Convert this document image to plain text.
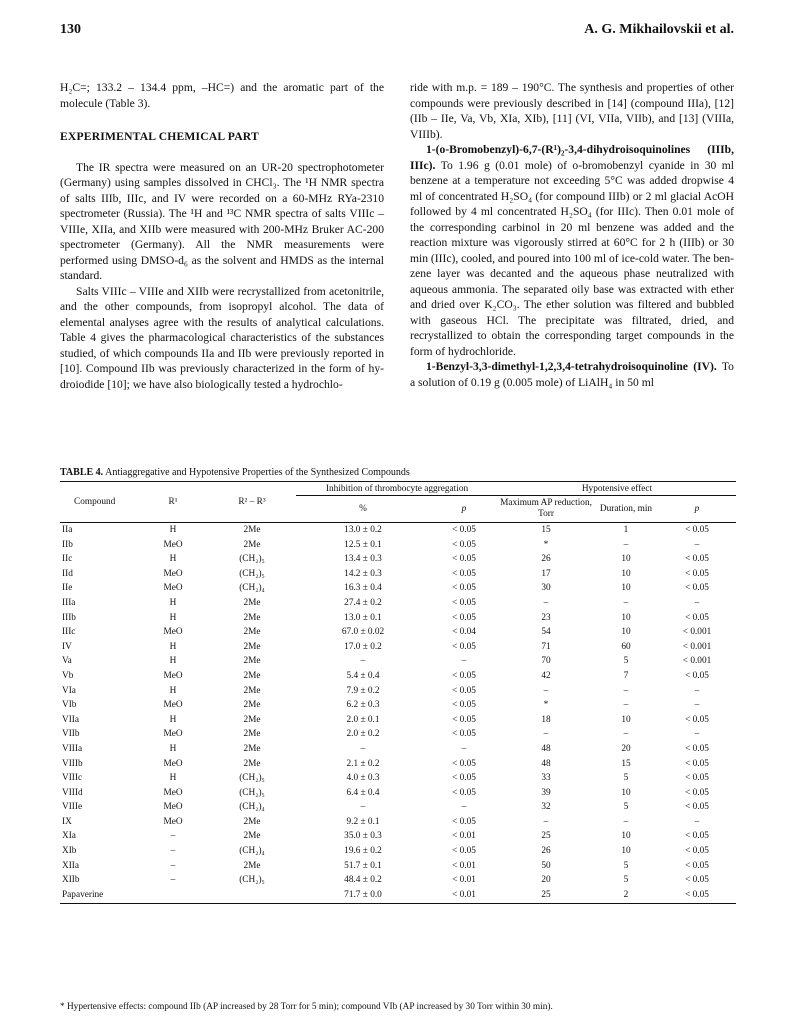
130	A. G. Mikhailovskii et al.

H₂C=; 133.2 – 134.4 ppm, –HC=) and the aromatic part of the molecule (Table 3).

EXPERIMENTAL CHEMICAL PART

The IR spectra were measured on an UR-20 spectrophotometer (Germany) using samples dissolved in CHCl₃. The ¹H NMR spectra of salts IIIb, IIIc, and IV were recorded on a 60-MHz RYa-2310 spectrometer (Russia). The ¹H and ¹³C NMR spectra of salts VIIIc – VIIIe, XIIa, and XIIb were measured with 200-MHz Bruker AC-200 spectrometer (Germany). All the NMR measurements were performed using DMSO-d₆ as the solvent and HMDS as the internal standard.

Salts VIIIc – VIIIe and XIIb were recrystallized from acetonitrile, and the other compounds, from isopropyl alcohol. The data of elemental analyses agree with the results of analytical calculations. Table 4 gives the pharmacological characteristics of the substances studied, of which compounds IIa and IIb were previously reported in [10]. Compound IIb was previously characterized in the form of hydroiodide [10]; we have also biologically tested a hydrochlo-

ride with m.p. = 189 – 190°C. The synthesis and properties of other compounds were previously described in [14] (compound IIIa), [12] (IIb – IIe, Va, Vb, XIa, XIb), [11] (VI, VIIa, VIIb), and [13] (VIIIa, VIIIb).

1-(o-Bromobenzyl)-6,7-(R¹)₂-3,4-dihydroisoquinolines (IIIb, IIIc). To 1.96 g (0.01 mole) of o-bromobenzyl cyanide in 30 ml benzene at a temperature not exceeding 5°C was added dropwise 4 ml of concentrated H₂SO₄ (for compound IIIb) or 2 ml glacial AcOH followed by 4 ml concentrated H₂SO₄ (for IIIc). Then 0.01 mole of the corresponding carbinol in 20 ml benzene was added and the reaction mixture was vigorously stirred at 60°C for 2 h (IIIb) or 30 min (IIIc), cooled, and poured into 100 ml of ice-cold water. The benzene layer was decanted and the aqueous phase neutralized with aqueous ammonia. The separated oily base was extracted with ether and dried over K₂CO₃. The ether solution was filtered and bubbled with gaseous HCl. The precipitate was filtrated, dried, and recrystallized to obtain the corresponding target compounds in the form of hydrochloride.

1-Benzyl-3,3-dimethyl-1,2,3,4-tetrahydroisoquinoline (IV). To a solution of 0.19 g (0.005 mole) of LiAlH₄ in 50 ml

TABLE 4. Antiaggregative and Hypotensive Properties of the Synthesized Compounds
Compound	R¹	R² – R³	Inhibition of thrombocyte aggregation		Hypotensive effect		
			%	p	Maximum AP reduction, Torr	Duration, min	p
IIa	H	2Me	13.0 ± 0.2	< 0.05	15	1	< 0.05
IIb	MeO	2Me	12.5 ± 0.1	< 0.05	*	–	–
IIc	H	(CH₂)₅	13.4 ± 0.3	< 0.05	26	10	< 0.05
IId	MeO	(CH₂)₅	14.2 ± 0.3	< 0.05	17	10	< 0.05
IIe	MeO	(CH₂)₄	16.3 ± 0.4	< 0.05	30	10	< 0.05
IIIa	H	2Me	27.4 ± 0.2	< 0.05	–	–	–
IIIb	H	2Me	13.0 ± 0.1	< 0.05	23	10	< 0.05
IIIc	MeO	2Me	67.0 ± 0.02	< 0.04	54	10	< 0.001
IV	H	2Me	17.0 ± 0.2	< 0.05	71	60	< 0.001
Va	H	2Me	–	–	70	5	< 0.001
Vb	MeO	2Me	5.4 ± 0.4	< 0.05	42	7	< 0.05
VIa	H	2Me	7.9 ± 0.2	< 0.05	–	–	–
VIb	MeO	2Me	6.2 ± 0.3	< 0.05	*	–	–
VIIa	H	2Me	2.0 ± 0.1	< 0.05	18	10	< 0.05
VIIb	MeO	2Me	2.0 ± 0.2	< 0.05	–	–	–
VIIIa	H	2Me	–	–	48	20	< 0.05
VIIIb	MeO	2Me	2.1 ± 0.2	< 0.05	48	15	< 0.05
VIIIc	H	(CH₂)₅	4.0 ± 0.3	< 0.05	33	5	< 0.05
VIIId	MeO	(CH₂)₅	6.4 ± 0.4	< 0.05	39	10	< 0.05
VIIIe	MeO	(CH₂)₄	–	–	32	5	< 0.05
IX	MeO	2Me	9.2 ± 0.1	< 0.05	–	–	–
XIa	–	2Me	35.0 ± 0.3	< 0.01	25	10	< 0.05
XIb	–	(CH₂)₄	19.6 ± 0.2	< 0.05	26	10	< 0.05
XIIa	–	2Me	51.7 ± 0.1	< 0.01	50	5	< 0.05
XIIb	–	(CH₂)₅	48.4 ± 0.2	< 0.01	20	5	< 0.05
Papaverine			71.7 ± 0.0	< 0.01	25	2	< 0.05
* Hypertensive effects: compound IIb (AP increased by 28 Torr for 5 min); compound VIb (AP increased by 30 Torr within 30 min).
